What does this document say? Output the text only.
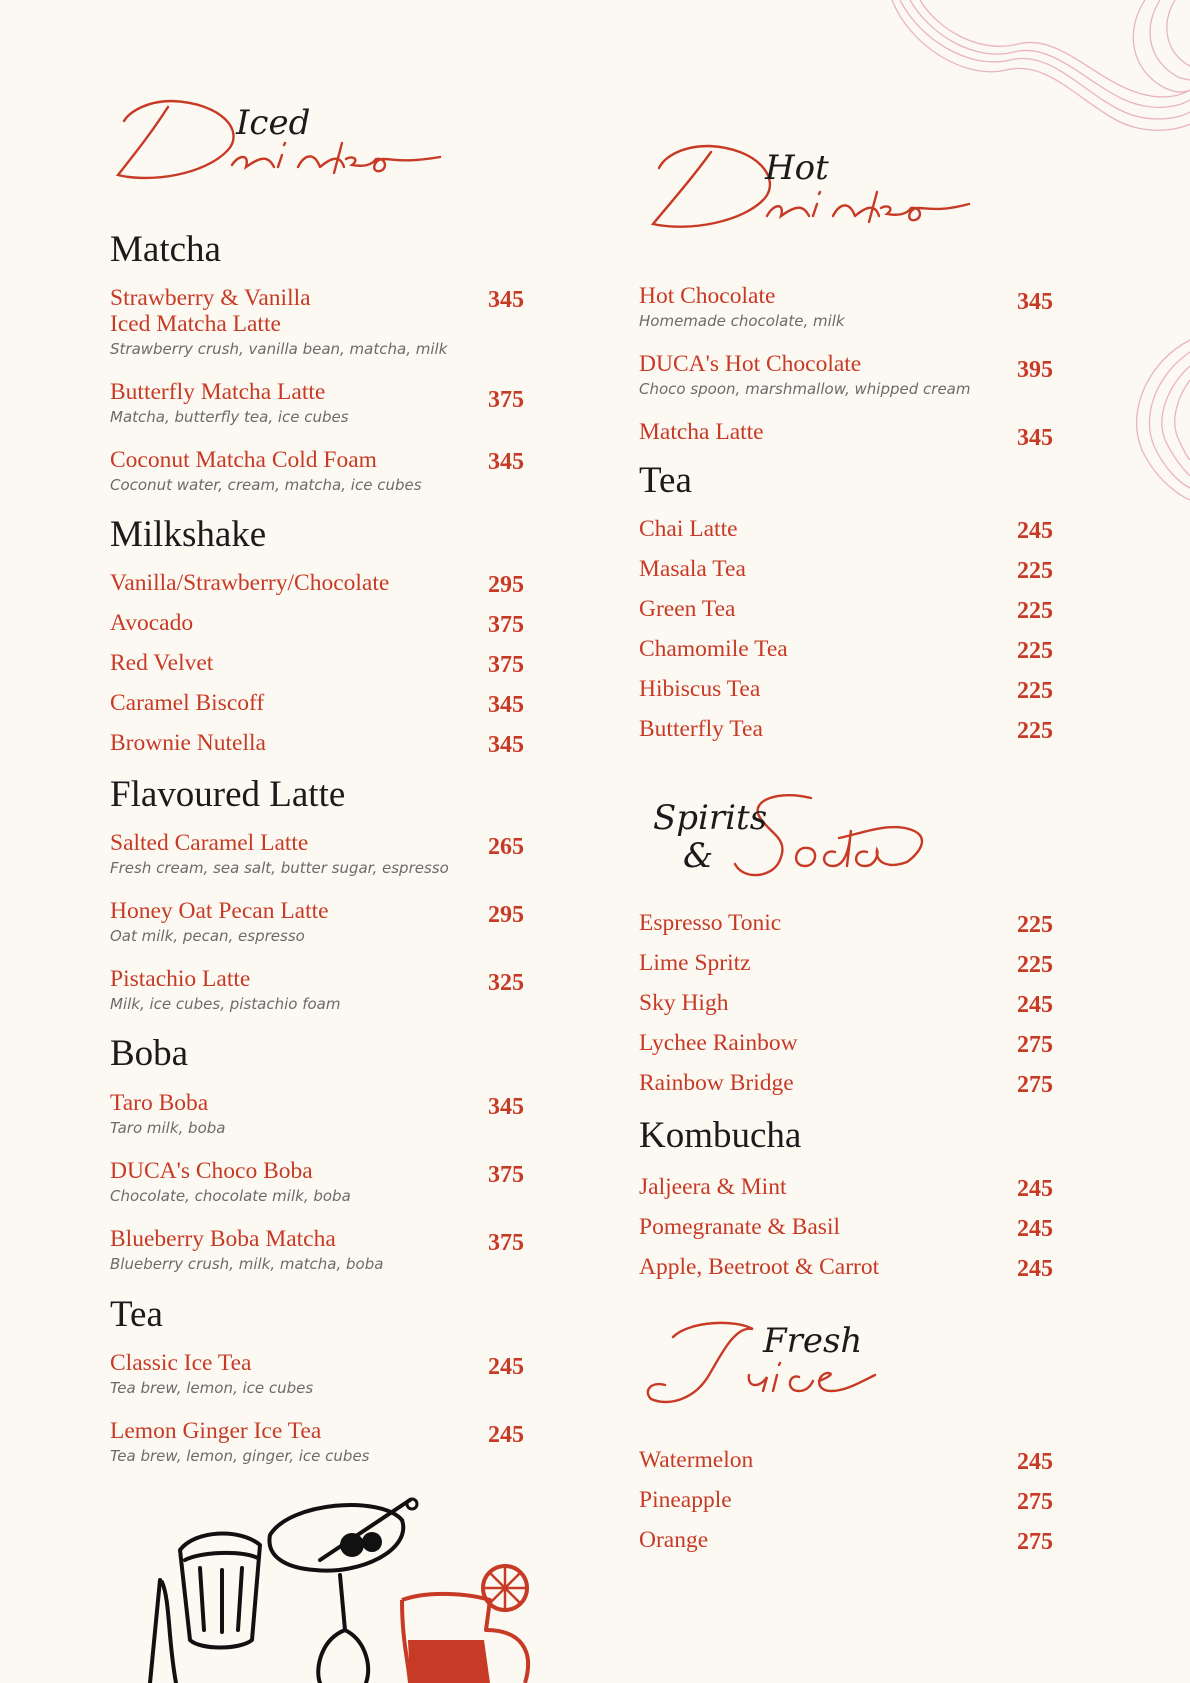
Iced
Matcha
Strawberry & Vanilla
Iced Matcha Latte
Strawberry crush, vanilla bean, matcha, milk
345
Butterfly Matcha Latte
Matcha, butterfly tea, ice cubes
375
Coconut Matcha Cold Foam
Coconut water, cream, matcha, ice cubes
345
Milkshake
Vanilla/Strawberry/Chocolate	295
Avocado	375
Red Velvet	375
Caramel Biscoff	345
Brownie Nutella	345
Flavoured Latte
Salted Caramel Latte
Fresh cream, sea salt, butter sugar, espresso
265
Honey Oat Pecan Latte
Oat milk, pecan, espresso
295
Pistachio Latte
Milk, ice cubes, pistachio foam
325
Boba
Taro Boba
Taro milk, boba
345
DUCA's Choco Boba
Chocolate, chocolate milk, boba
375
Blueberry Boba Matcha
Blueberry crush, milk, matcha, boba
375
Tea
Classic Ice Tea
Tea brew, lemon, ice cubes
245
Lemon Ginger Ice Tea
Tea brew, lemon, ginger, ice cubes
245
Hot
Spirits
&
Fresh
Hot Chocolate
Homemade chocolate, milk
345
DUCA's Hot Chocolate
Choco spoon, marshmallow, whipped cream
395
Matcha Latte	345
Tea
Chai Latte	245
Masala Tea	225
Green Tea	225
Chamomile Tea	225
Hibiscus Tea	225
Butterfly Tea	225
Espresso Tonic	225
Lime Spritz	225
Sky High	245
Lychee Rainbow	275
Rainbow Bridge	275
Kombucha
Jaljeera & Mint	245
Pomegranate & Basil	245
Apple, Beetroot & Carrot	245
Watermelon	245
Pineapple	275
Orange	275
